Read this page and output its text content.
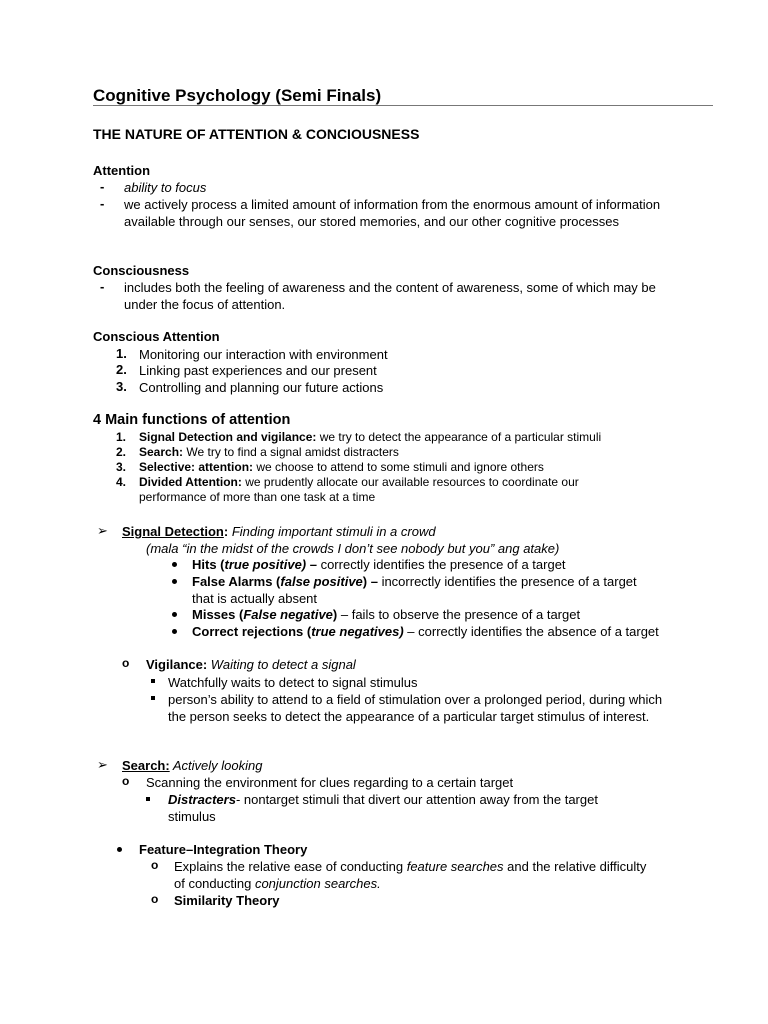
Cognitive Psychology (Semi Finals)
THE NATURE OF ATTENTION & CONCIOUSNESS
Attention
- ability to focus
- we actively process a limited amount of information from the enormous amount of information available through our senses, our stored memories, and our other cognitive processes
Consciousness
- includes both the feeling of awareness and the content of awareness, some of which may be under the focus of attention.
Conscious Attention
1. Monitoring our interaction with environment
2. Linking past experiences and our present
3. Controlling and planning our future actions
4 Main functions of attention
1. Signal Detection and vigilance: we try to detect the appearance of a particular stimuli
2. Search: We try to find a signal amidst distracters
3. Selective: attention: we choose to attend to some stimuli and ignore others
4. Divided Attention: we prudently allocate our available resources to coordinate our performance of more than one task at a time
➢ Signal Detection: Finding important stimuli in a crowd
(mala “in the midst of the crowds I don’t see nobody but you” ang atake)
Hits (true positive) – correctly identifies the presence of a target
False Alarms (false positive) – incorrectly identifies the presence of a target that is actually absent
Misses (False negative) – fails to observe the presence of a target
Correct rejections (true negatives) – correctly identifies the absence of a target
o Vigilance: Waiting to detect a signal
Watchfully waits to detect to signal stimulus
person’s ability to attend to a field of stimulation over a prolonged period, during which the person seeks to detect the appearance of a particular target stimulus of interest.
➢ Search: Actively looking
o Scanning the environment for clues regarding to a certain target
Distracters- nontarget stimuli that divert our attention away from the target stimulus
Feature–Integration Theory
o Explains the relative ease of conducting feature searches and the relative difficulty of conducting conjunction searches.
o Similarity Theory
